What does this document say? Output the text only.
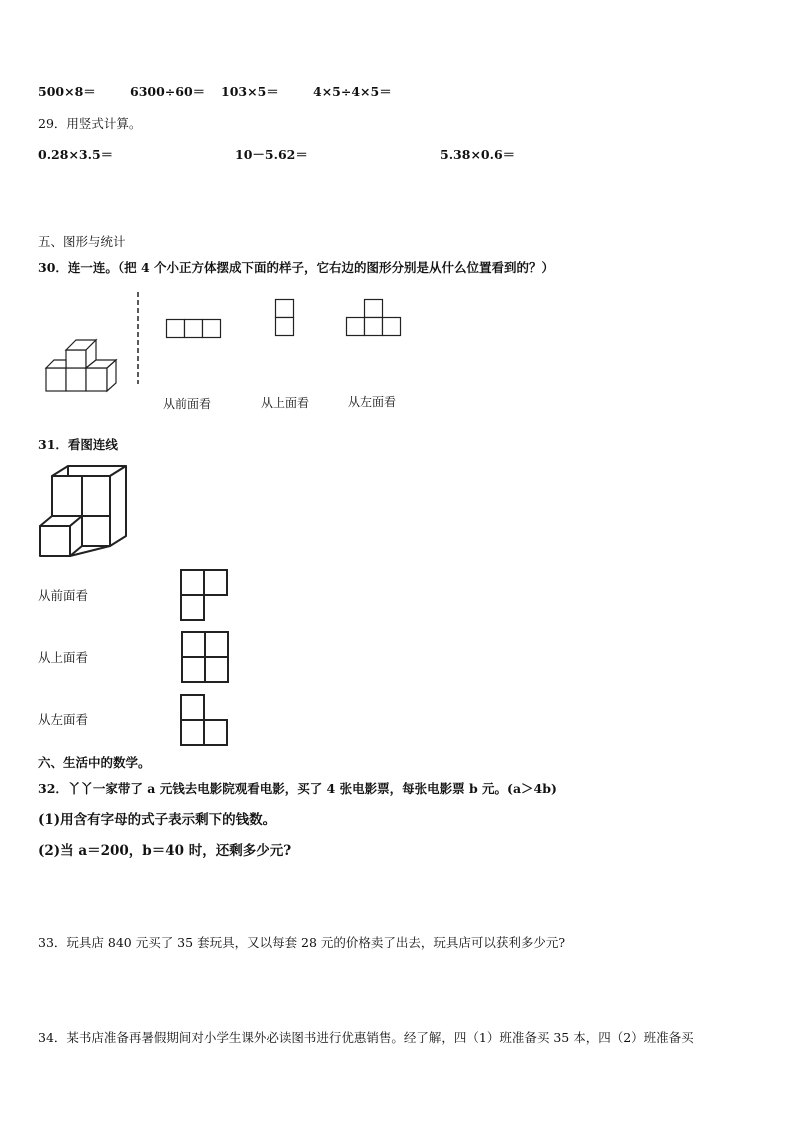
500×8＝	6300÷60＝ 103×5＝	4×5÷4×5＝
29．用竖式计算。
0.28×3.5＝	10－5.62＝	5.38×0.6＝
五、图形与统计
30．连一连。（把 4 个小正方体摆成下面的样子，它右边的图形分别是从什么位置看到的？）
从前面看	从上面看	从左面看
31．看图连线
从前面看
从上面看
从左面看
六、生活中的数学。
32．丫丫一家带了 a 元钱去电影院观看电影，买了 4 张电影票，每张电影票 b 元。(a＞4b)
(1)用含有字母的式子表示剩下的钱数。
(2)当 a＝200，b＝40 时，还剩多少元?
33．玩具店 840 元买了 35 套玩具，又以每套 28 元的价格卖了出去，玩具店可以获利多少元?
34．某书店准备再暑假期间对小学生课外必读图书进行优惠销售。经了解，四（1）班准备买 35 本，四（2）班准备买
